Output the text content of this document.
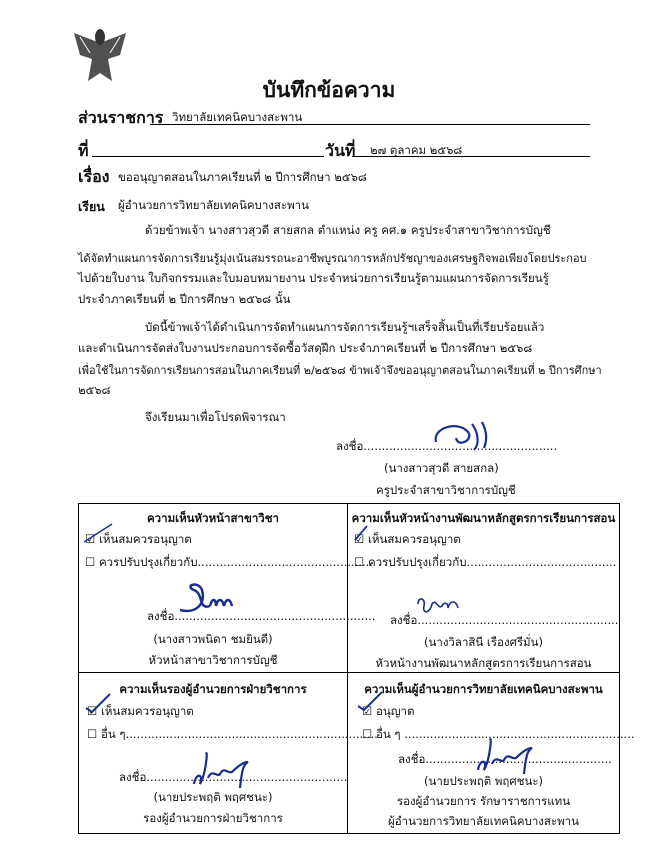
บันทึกข้อความ
ส่วนราชการ วิทยาลัยเทคนิคบางสะพาน
ที่	วันที่ ๒๗ ตุลาคม ๒๕๖๘
เรื่อง ขออนุญาตสอนในภาคเรียนที่ ๒ ปีการศึกษา ๒๕๖๘
เรียน ผู้อำนวยการวิทยาลัยเทคนิคบางสะพาน
ด้วยข้าพเจ้า นางสาวสุวดี สายสกล ตำแหน่ง ครู คศ.๑ ครูประจำสาขาวิชาการบัญชี
ได้จัดทำแผนการจัดการเรียนรู้มุ่งเน้นสมรรถนะอาชีพบูรณาการหลักปรัชญาของเศรษฐกิจพอเพียงโดยประกอบ
ไปด้วยใบงาน ใบกิจกรรมและใบมอบหมายงาน ประจำหน่วยการเรียนรู้ตามแผนการจัดการเรียนรู้
ประจำภาคเรียนที่ ๒ ปีการศึกษา ๒๕๖๘ นั้น
บัดนี้ข้าพเจ้าได้ดำเนินการจัดทำแผนการจัดการเรียนรู้ฯเสร็จสิ้นเป็นที่เรียบร้อยแล้ว
และดำเนินการจัดส่งใบงานประกอบการจัดซื้อวัสดุฝึก ประจำภาคเรียนที่ ๒ ปีการศึกษา ๒๕๖๘
เพื่อใช้ในการจัดการเรียนการสอนในภาคเรียนที่ ๒/๒๕๖๘ ข้าพเจ้าจึงขออนุญาตสอนในภาคเรียนที่ ๒ ปีการศึกษา
๒๕๖๘
จึงเรียนมาเพื่อโปรดพิจารณา
ลงชื่อ.....................................................
(นางสาวสุวดี สายสกล)
ครูประจำสาขาวิชาการบัญชี
ความเห็นหัวหน้าสาขาวิชา
☑ เห็นสมควรอนุญาต
☐ ควรปรับปรุงเกี่ยวกับ................................................
ลงชื่อ.......................................................
(นางสาวพนิดา ชมยินดี)
หัวหน้าสาขาวิชาการบัญชี
ความเห็นหัวหน้างานพัฒนาหลักสูตรการเรียนการสอน
☑ เห็นสมควรอนุญาต
☐ ควรปรับปรุงเกี่ยวกับ.........................................
ลงชื่อ.......................................................
(นางวิลาสินี เรืองศรีมั่น)
หัวหน้างานพัฒนาหลักสูตรการเรียนการสอน
ความเห็นรองผู้อำนวยการฝ่ายวิชาการ
☑ เห็นสมควรอนุญาต
☐ อื่น ๆ.....................................................................
ลงชื่อ.......................................................
(นายประพฤติ พฤศชนะ)
รองผู้อำนวยการฝ่ายวิชาการ
ความเห็นผู้อำนวยการวิทยาลัยเทคนิคบางสะพาน
☑ อนุญาต
☐ อื่น ๆ ...............................................................
ลงชื่อ...................................................
(นายประพฤติ พฤศชนะ)
รองผู้อำนวยการ รักษาราชการแทน
ผู้อำนวยการวิทยาลัยเทคนิคบางสะพาน
